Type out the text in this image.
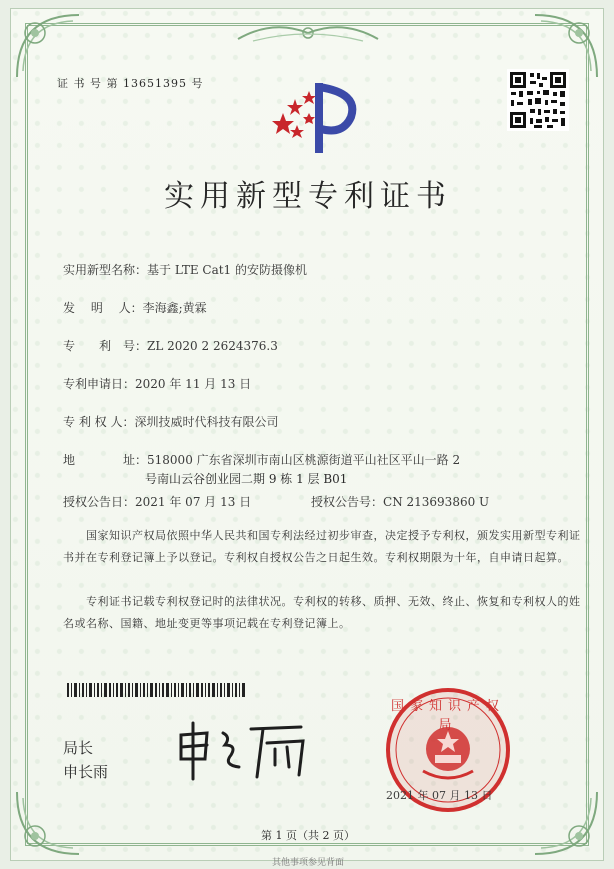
证 书 号 第 13651395 号
实用新型专利证书
实用新型名称：基于 LTE Cat1 的安防摄像机
发　 明　 人：李海鑫;黄霖
专　　利　号：ZL 2020 2 2624376.3
专利申请日：2020 年 11 月 13 日
专 利 权 人：深圳技威时代科技有限公司
地　　　　址：518000 广东省深圳市南山区桃源街道平山社区平山一路 2
号南山云谷创业园二期 9 栋 1 层 B01
授权公告日：2021 年 07 月 13 日	授权公告号：CN 213693860 U
　　国家知识产权局依照中华人民共和国专利法经过初步审查，决定授予专利权，颁发实用新型专利证书并在专利登记簿上予以登记。专利权自授权公告之日起生效。专利权期限为十年，自申请日起算。
　　专利证书记载专利权登记时的法律状况。专利权的转移、质押、无效、终止、恢复和专利权人的姓名或名称、国籍、地址变更等事项记载在专利登记簿上。
局长
申长雨
国家知识产权局
2021 年 07 月 13 日
第 1 页（共 2 页）
其他事项参见背面
